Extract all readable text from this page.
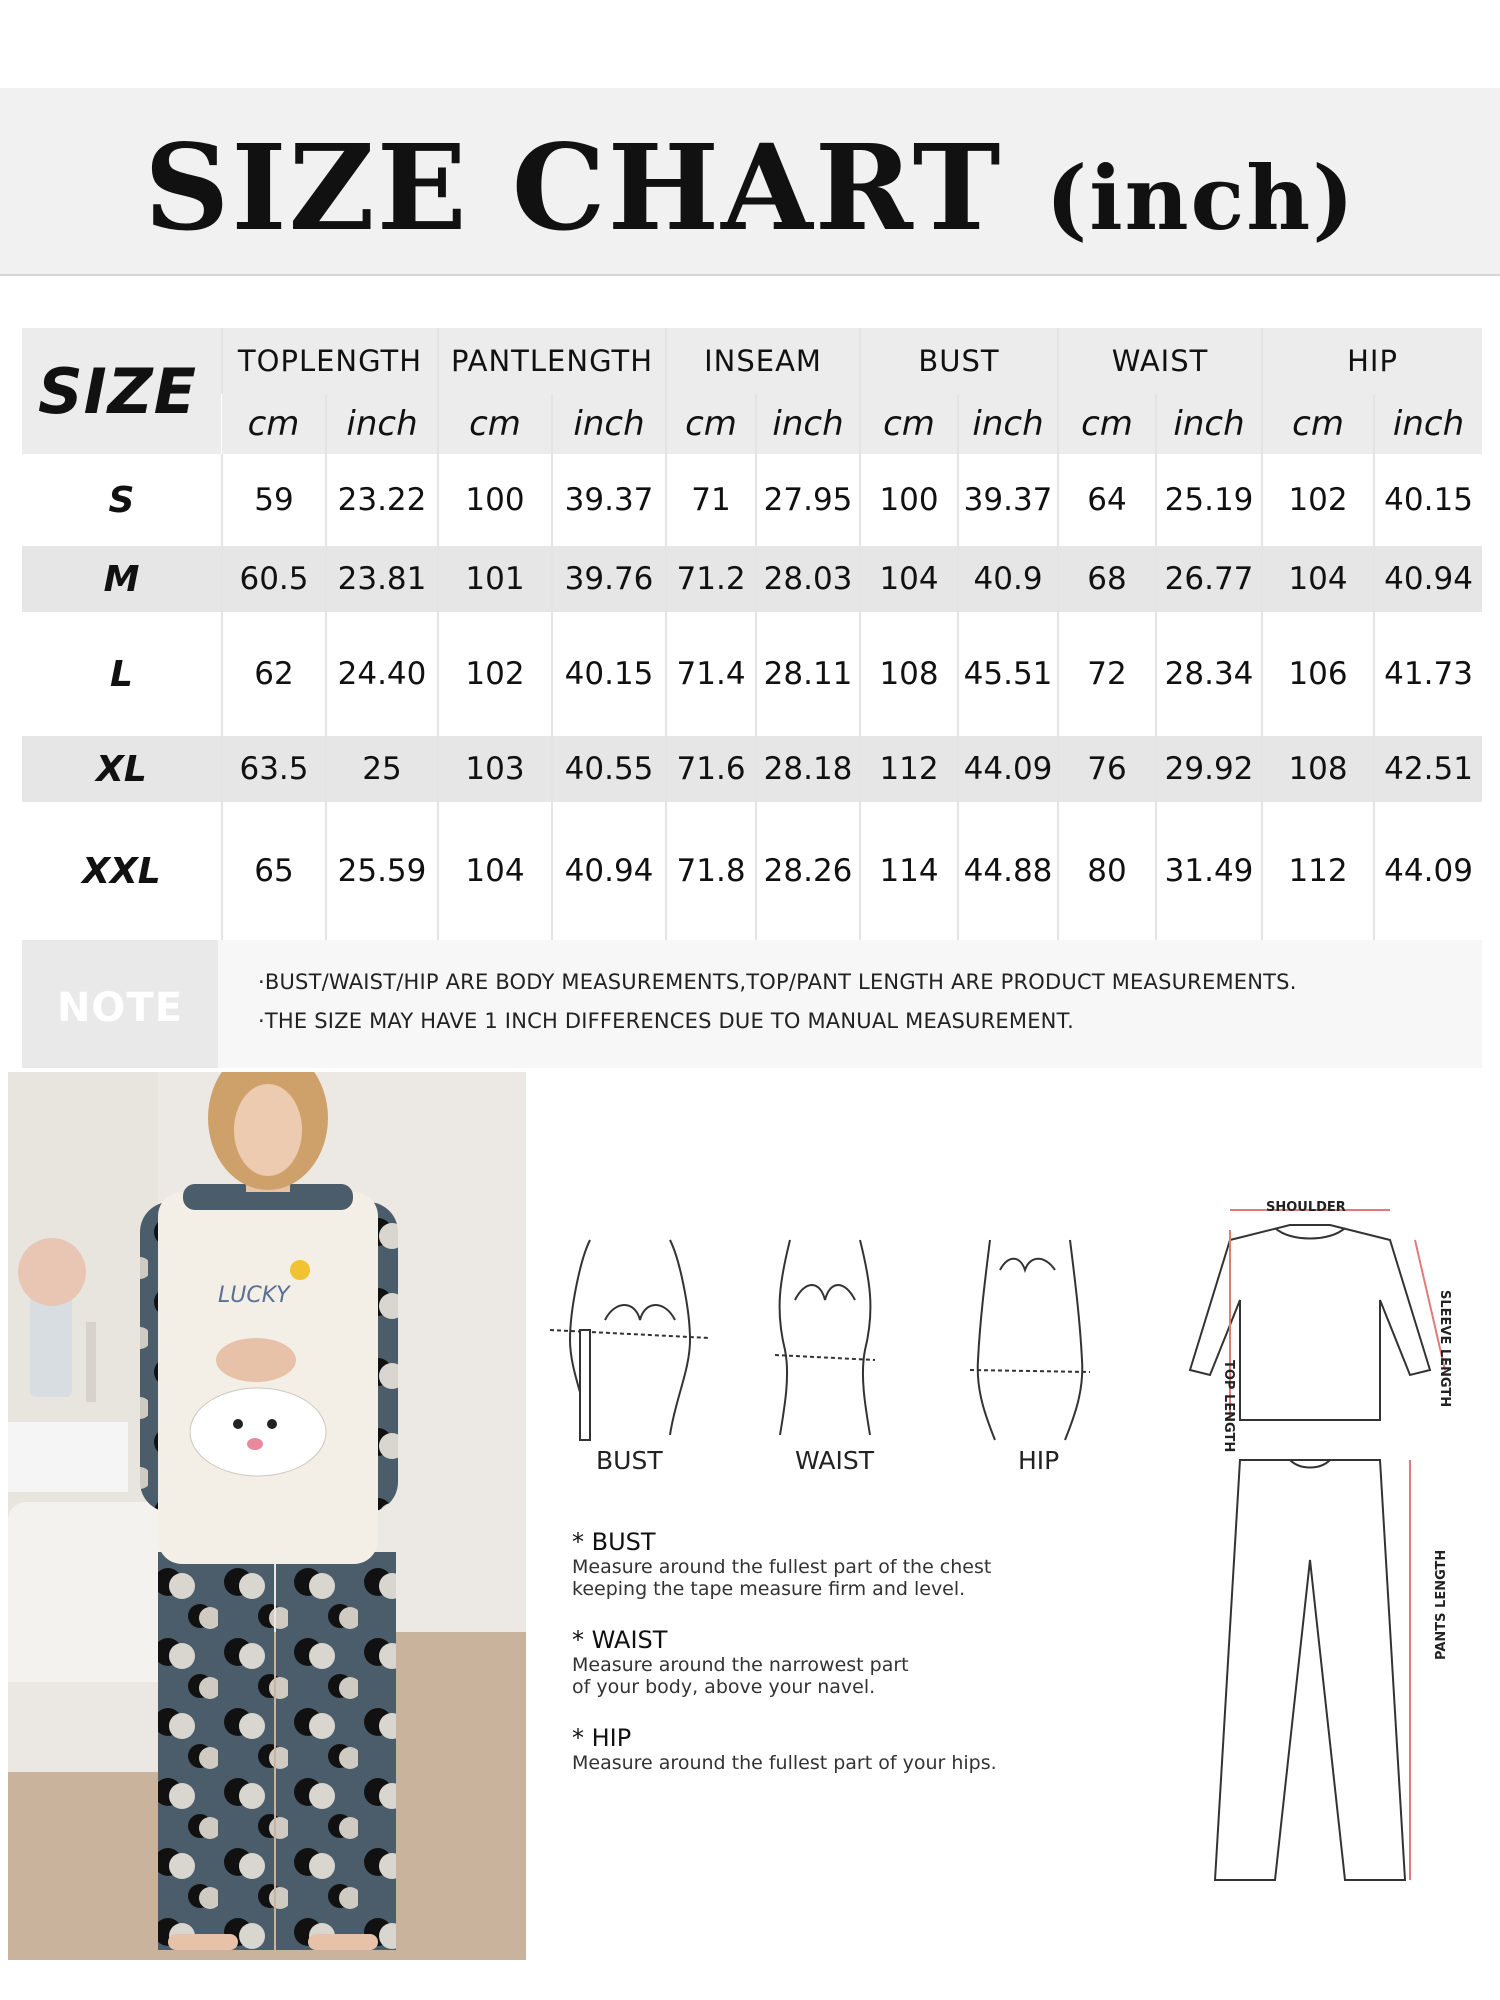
SIZE CHART (inch)
SIZE	TOPLENGTH		PANTLENGTH		INSEAM		BUST		WAIST		HIP	
	cm	inch	cm	inch	cm	inch	cm	inch	cm	inch	cm	inch
S	59	23.22	100	39.37	71	27.95	100	39.37	64	25.19	102	40.15
M	60.5	23.81	101	39.76	71.2	28.03	104	40.9	68	26.77	104	40.94
L	62	24.40	102	40.15	71.4	28.11	108	45.51	72	28.34	106	41.73
XL	63.5	25	103	40.55	71.6	28.18	112	44.09	76	29.92	108	42.51
XXL	65	25.59	104	40.94	71.8	28.26	114	44.88	80	31.49	112	44.09
NOTE
·BUST/WAIST/HIP ARE BODY MEASUREMENTS,TOP/PANT LENGTH ARE PRODUCT MEASUREMENTS.
·THE SIZE MAY HAVE 1 INCH DIFFERENCES DUE TO MANUAL MEASUREMENT.
LUCKY
BUST	WAIST	HIP
SHOULDER
TOP LENGTH	SLEEVE LENGTH
PANTS LENGTH
* BUST
Measure around the fullest part of the chest
keeping the tape measure firm and level.
* WAIST
Measure around the narrowest part
of your body, above your navel.
* HIP
Measure around the fullest part of your hips.
